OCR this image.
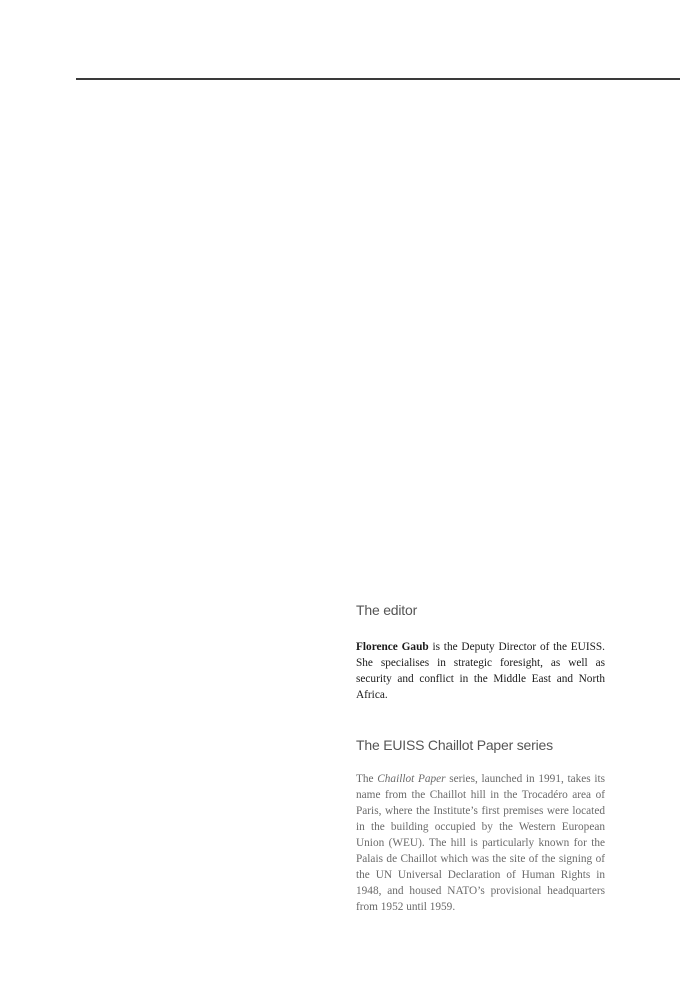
The editor

Florence Gaub is the Deputy Director of the EUISS. She specialises in strategic foresight, as well as security and conflict in the Middle East and North Africa.

The EUISS Chaillot Paper series

The Chaillot Paper series, launched in 1991, takes its name from the Chaillot hill in the Trocadéro area of Paris, where the Institute’s first premises were located in the building occupied by the Western European Union (WEU). The hill is particularly known for the Palais de Chaillot which was the site of the signing of the UN Universal Declaration of Human Rights in 1948, and housed NATO’s provisional headquarters from 1952 until 1959.
